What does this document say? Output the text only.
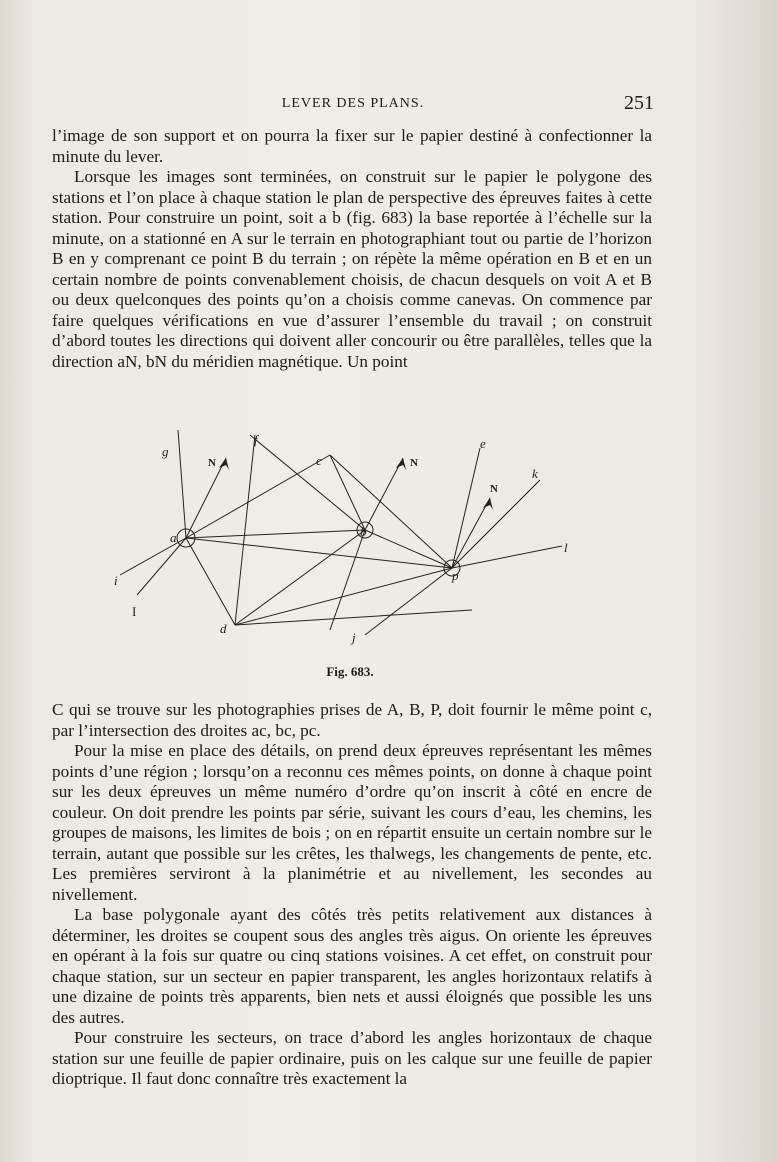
LEVER DES PLANS.	251

l’image de son support et on pourra la fixer sur le papier destiné à confectionner la minute du lever.

Lorsque les images sont terminées, on construit sur le papier le polygone des stations et l’on place à chaque station le plan de perspective des épreuves faites à cette station. Pour construire un point, soit a b (fig. 683) la base reportée à l’échelle sur la minute, on a stationné en A sur le terrain en photographiant tout ou partie de l’horizon B en y comprenant ce point B du terrain ; on répète la même opération en B et en un certain nombre de points convenablement choisis, de chacun desquels on voit A et B ou deux quelconques des points qu’on a choisis comme canevas. On commence par faire quelques vérifications en vue d’assurer l’ensemble du travail ; on construit d’abord toutes les directions qui doivent aller concourir ou être parallèles, telles que la direction aN, bN du méridien magnétique. Un point

a	b
p
d
c
e
f
g
k
l
i
j
I
N	N
N
Fig. 683.

C qui se trouve sur les photographies prises de A, B, P, doit fournir le même point c, par l’intersection des droites ac, bc, pc.

Pour la mise en place des détails, on prend deux épreuves représentant les mêmes points d’une région ; lorsqu’on a reconnu ces mêmes points, on donne à chaque point sur les deux épreuves un même numéro d’ordre qu’on inscrit à côté en encre de couleur. On doit prendre les points par série, suivant les cours d’eau, les chemins, les groupes de maisons, les limites de bois ; on en répartit ensuite un certain nombre sur le terrain, autant que possible sur les crêtes, les thalwegs, les changements de pente, etc. Les premières serviront à la planimétrie et au nivellement, les secondes au nivellement.

La base polygonale ayant des côtés très petits relativement aux distances à déterminer, les droites se coupent sous des angles très aigus. On oriente les épreuves en opérant à la fois sur quatre ou cinq stations voisines. A cet effet, on construit pour chaque station, sur un secteur en papier transparent, les angles horizontaux relatifs à une dizaine de points très apparents, bien nets et aussi éloignés que possible les uns des autres.

Pour construire les secteurs, on trace d’abord les angles horizontaux de chaque station sur une feuille de papier ordinaire, puis on les calque sur une feuille de papier dioptrique. Il faut donc connaître très exactement la
